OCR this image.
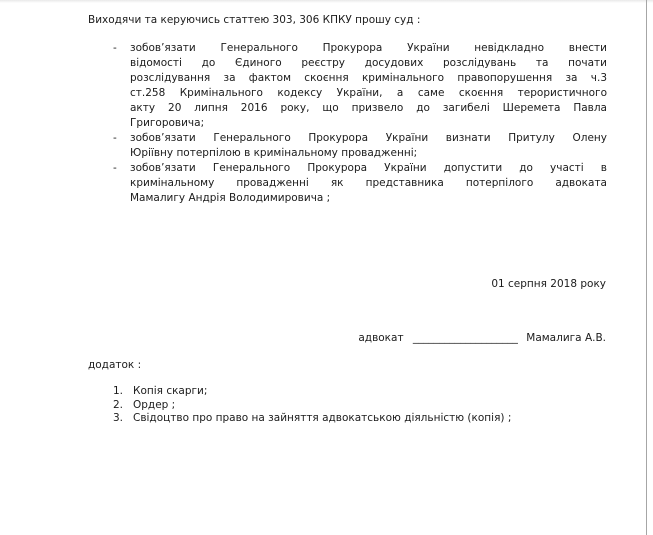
Виходячи та керуючись статтею 303, 306 КПКУ прошу суд :
- зобов’язати Генерального Прокурора України невідкладно внести
відомості до Єдиного реєстру досудових розслідувань та почати
розслідування за фактом скоєння кримінального правопорушення за ч.3
ст.258 Кримінального кодексу України, а саме скоєння терористичного
акту 20 липня 2016 року, що призвело до загибелі Шеремета Павла
Григоровича;
- зобов’язати Генерального Прокурора України визнати Притулу Олену
Юріївну потерпілою в кримінальному провадженні;
- зобов’язати Генерального Прокурора України допустити до участі в
кримінальному провадженні як представника потерпілого адвоката
Мамалигу Андрія Володимировича ;
01 серпня 2018 року
адвокат ____________________ Мамалига А.В.
додаток :
1. Копія скарги;
2. Ордер ;
3. Свідоцтво про право на зайняття адвокатською діяльністю (копія) ;
